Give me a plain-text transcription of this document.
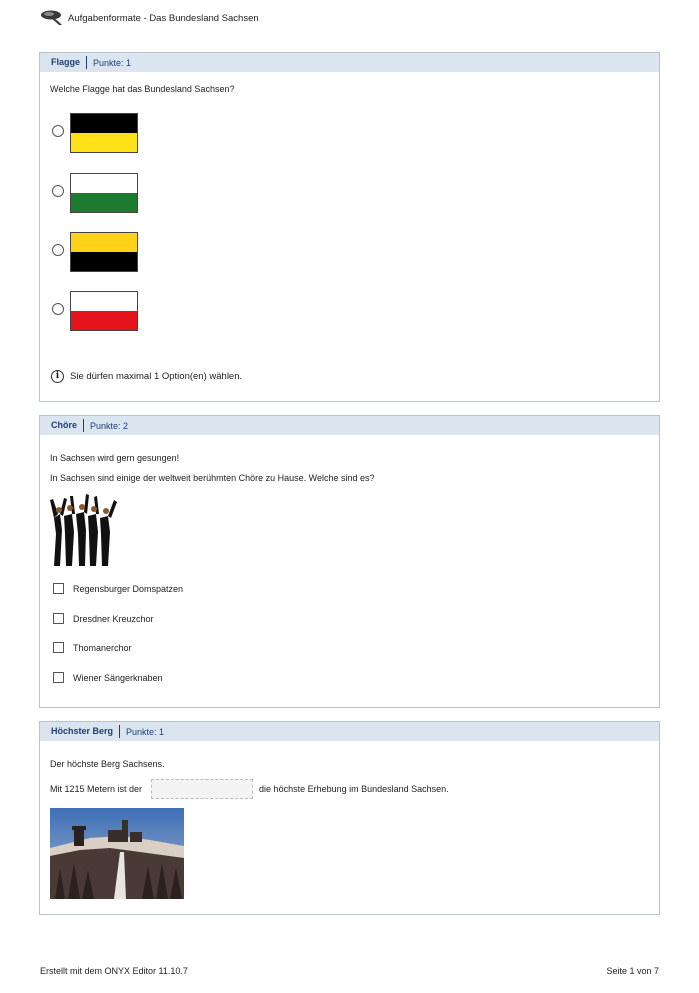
Aufgabenformate - Das Bundesland Sachsen
Flagge	Punkte: 1
Welche Flagge hat das Bundesland Sachsen?
i	Sie dürfen maximal 1 Option(en) wählen.
Chöre	Punkte: 2
In Sachsen wird gern gesungen!
In Sachsen sind einige der weltweit berühmten Chöre zu Hause. Welche sind es?
Regensburger Domspatzen
Dresdner Kreuzchor
Thomanerchor
Wiener Sängerknaben
Höchster Berg	Punkte: 1
Der höchste Berg Sachsens.
Mit 1215 Metern ist der	die höchste Erhebung im Bundesland Sachsen.
Erstellt mit dem ONYX Editor 11.10.7	Seite 1 von 7
